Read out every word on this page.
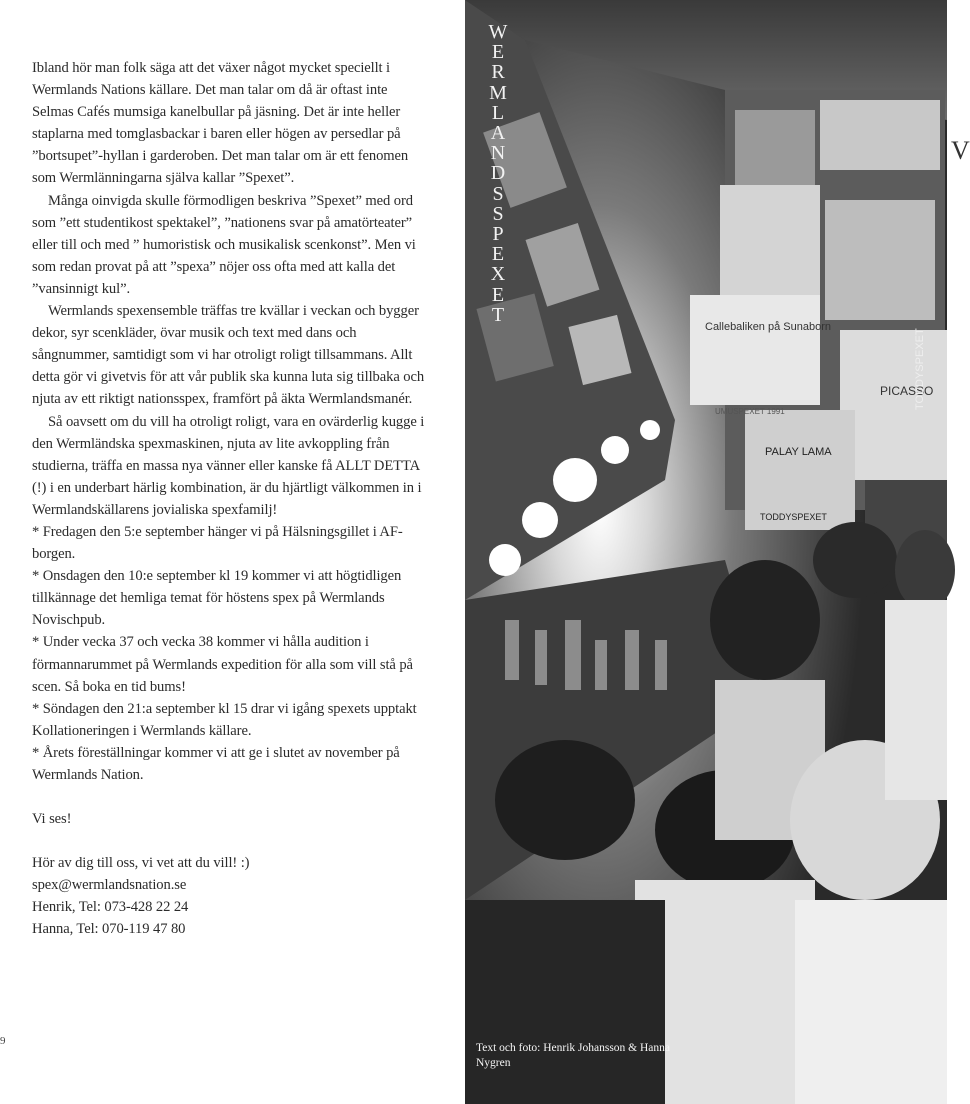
Ibland hör man folk säga att det växer något mycket speciellt i Wermlands Nations källare. Det man talar om då är oftast inte Selmas Cafés mumsiga kanelbullar på jäsning. Det är inte heller staplarna med tomglasbackar i baren eller högen av persedlar på ”bortsupet”-hyllan i garderoben. Det man talar om är ett fenomen som Wermlänningarna själva kallar ”Spexet”.

Många oinvigda skulle förmodligen beskriva ”Spexet” med ord som ”ett studentikost spektakel”, ”nationens svar på amatörteater” eller till och med ” humoristisk och musikalisk scenkonst”. Men vi som redan provat på att ”spexa” nöjer oss ofta med att kalla det ”vansinnigt kul”.

Wermlands spexensemble träffas tre kvällar i veckan och bygger dekor, syr scenkläder, övar musik och text med dans och sångnummer, samtidigt som vi har otroligt roligt tillsammans. Allt detta gör vi givetvis för att vår publik ska kunna luta sig tillbaka och njuta av ett riktigt nationsspex, framfört på äkta Wermlandsmanér.

Så oavsett om du vill ha otroligt roligt, vara en ovärderlig kugge i den Wermländska spexmaskinen, njuta av lite avkoppling från studierna, träffa en massa nya vänner eller kanske få ALLT DETTA (!) i en underbart härlig kombination, är du hjärtligt välkommen in i Wermlandskällarens jovialiska spexfamilj!

* Fredagen den 5:e september hänger vi på Hälsningsgillet i AF-borgen.

* Onsdagen den 10:e september kl 19 kommer vi att högtidligen tillkännage det hemliga temat för höstens spex på Wermlands Novischpub.

* Under vecka 37 och vecka 38 kommer vi hålla audition i förmannarummet på Wermlands expedition för alla som vill stå på scen. Så boka en tid bums!

* Söndagen den 21:a september kl 15 drar vi igång spexets upptakt Kollationeringen i Wermlands källare.

* Årets föreställningar kommer vi att ge i slutet av november på Wermlands Nation.

Vi ses!

Hör av dig till oss, vi vet att du vill! :)

spex@wermlandsnation.se

Henrik, Tel: 073-428 22 24

Hanna, Tel: 070-119 47 80

9
Callebaliken på Sunaborn
UMUSPEXET 1991
PALAY LAMA
TODDYSPEXET
PICASSO
TODDYSPEXET
W
E
R
M
L
A
N
D
S
S
P
E
X
E
T
Text och foto: Henrik Johansson & Hanna Nygren
V
